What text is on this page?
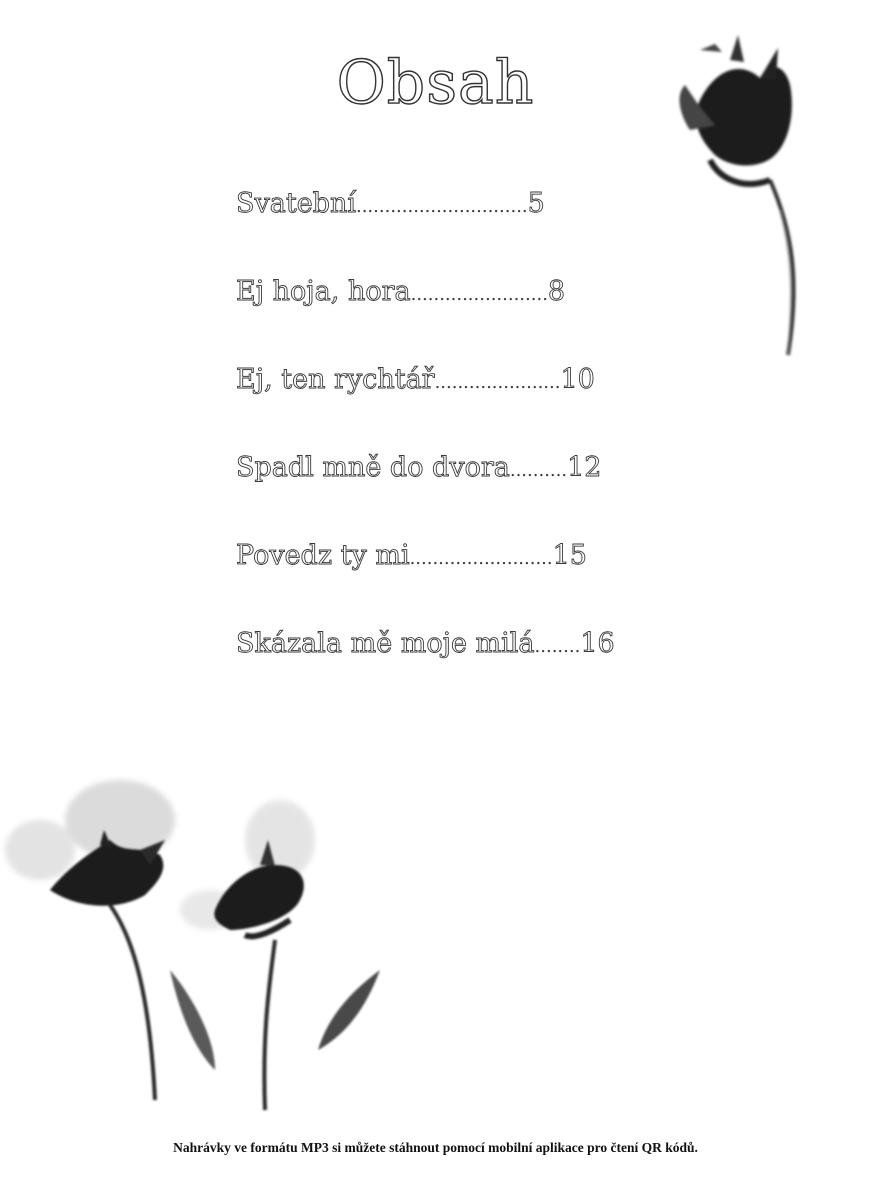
Obsah
Svatební .............................. 5
Ej hoja, hora ........................ 8
Ej, ten rychtář ...................... 10
Spadl mně do dvora .......... 12
Povedz ty mi ......................... 15
Skázala mě moje milá ........ 16
Nahrávky ve formátu MP3 si můžete stáhnout pomocí mobilní aplikace pro čtení QR kódů.
